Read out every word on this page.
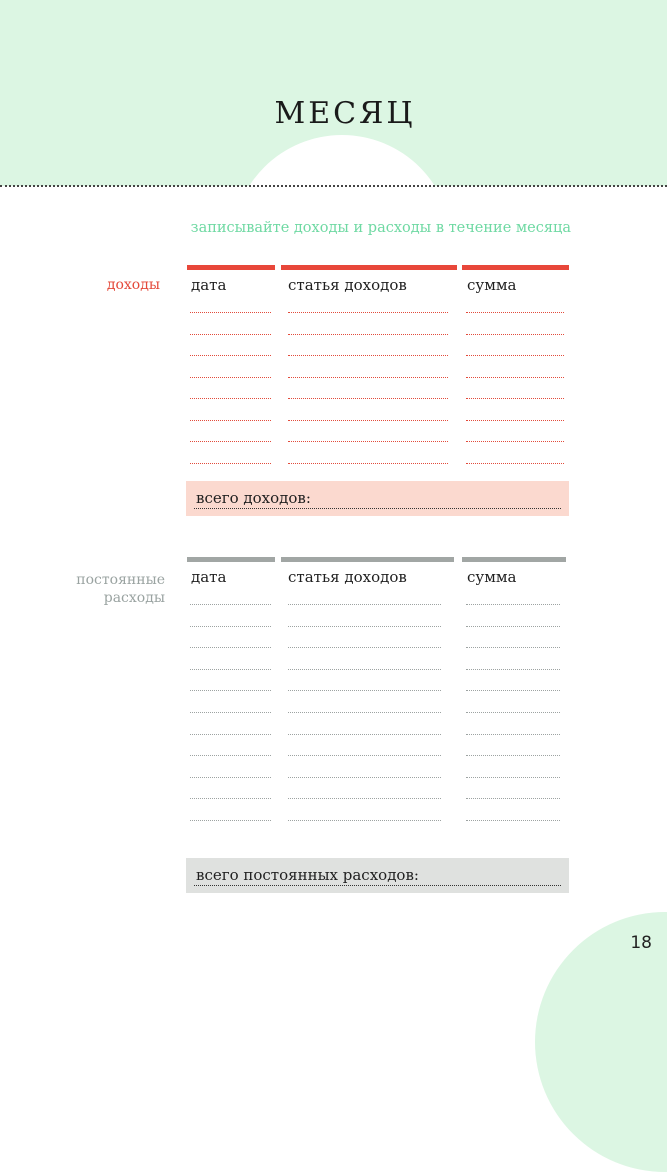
МЕСЯЦ
записывайте доходы и расходы в течение месяца
доходы дата	статья доходов	сумма
всего доходов:
постоянные
расходы
дата	статья доходов	сумма
всего постоянных расходов:
18
